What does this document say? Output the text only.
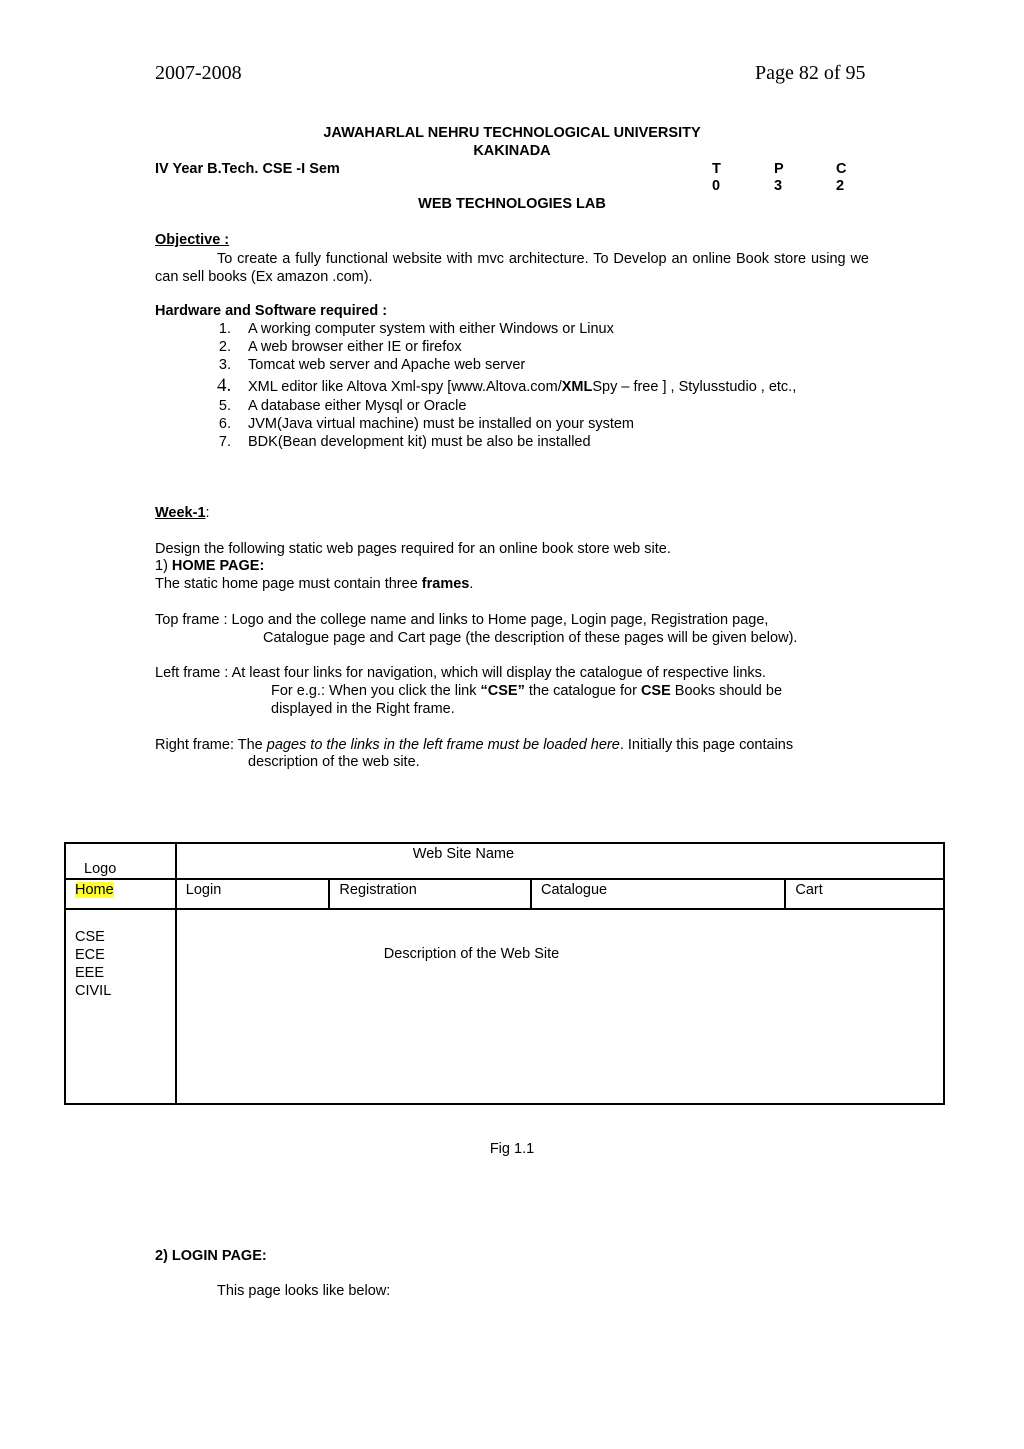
2007-2008	Page 82 of 95
JAWAHARLAL NEHRU TECHNOLOGICAL UNIVERSITY
KAKINADA
IV Year B.Tech. CSE -I Sem	T	P	C
0	3	2
WEB TECHNOLOGIES LAB
Objective :
To create a fully functional website with mvc architecture. To Develop an online Book store using we can sell books (Ex amazon .com).
Hardware and Software required :
1. A working computer system with either Windows or Linux
2. A web browser either IE or firefox
3. Tomcat web server and Apache web server
4. XML editor like Altova Xml-spy [www.Altova.com/XMLSpy – free ] , Stylusstudio , etc.,
5. A database either Mysql or Oracle
6. JVM(Java virtual machine) must be installed on your system
7. BDK(Bean development kit) must be also be installed
Week-1:
Design the following static web pages required for an online book store web site.
1) HOME PAGE:
The static home page must contain three frames.
Top frame : Logo and the college name and links to Home page, Login page, Registration page,
Catalogue page and Cart page (the description of these pages will be given below).
Left frame : At least four links for navigation, which will display the catalogue of respective links.
For e.g.: When you click the link “CSE” the catalogue for CSE Books should be
displayed in the Right frame.
Right frame: The pages to the links in the left frame must be loaded here. Initially this page contains
description of the web site.
Logo	Web Site Name			

Home	Login	Registration	Catalogue	Cart

CSE
ECE
EEE
CIVIL	Description of the Web Site			
Fig 1.1
2) LOGIN PAGE:
This page looks like below:
